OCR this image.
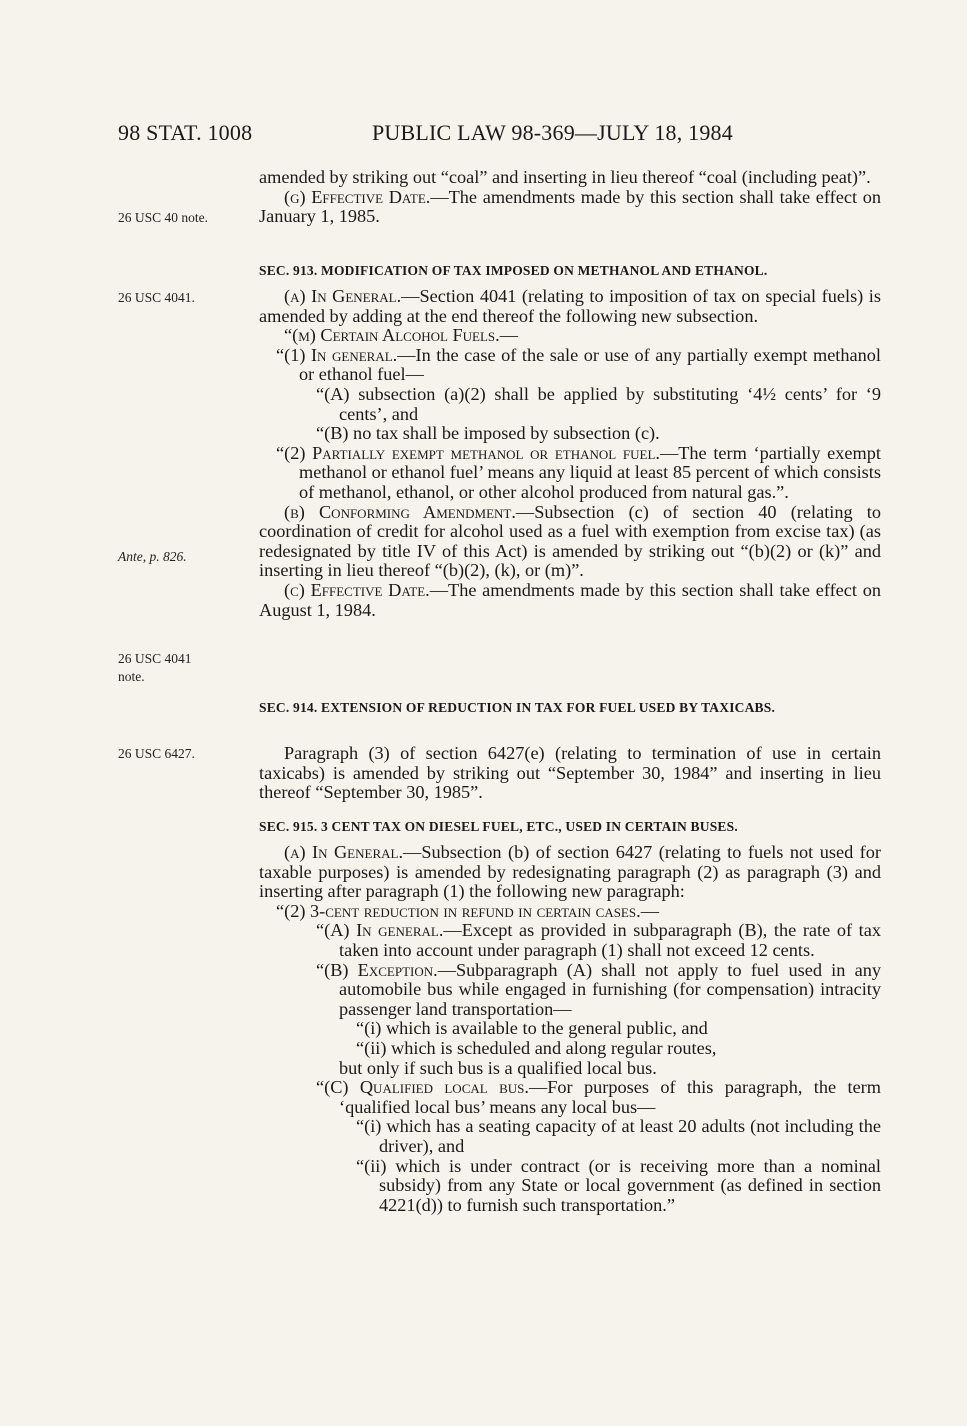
98 STAT. 1008	PUBLIC LAW 98-369—JULY 18, 1984
26 USC 40 note.
26 USC 4041.
Ante, p. 826.
26 USC 4041
note.
26 USC 6427.

amended by striking out “coal” and inserting in lieu thereof “coal (including peat)”.

(g) Effective Date.—The amendments made by this section shall take effect on January 1, 1985.

SEC. 913. MODIFICATION OF TAX IMPOSED ON METHANOL AND ETHANOL.

(a) In General.—Section 4041 (relating to imposition of tax on special fuels) is amended by adding at the end thereof the following new subsection.

“(m) Certain Alcohol Fuels.—

“(1) In general.—In the case of the sale or use of any partially exempt methanol or ethanol fuel—

“(A) subsection (a)(2) shall be applied by substituting ‘4½ cents’ for ‘9 cents’, and

“(B) no tax shall be imposed by subsection (c).

“(2) Partially exempt methanol or ethanol fuel.—The term ‘partially exempt methanol or ethanol fuel’ means any liquid at least 85 percent of which consists of methanol, ethanol, or other alcohol produced from natural gas.”.

(b) Conforming Amendment.—Subsection (c) of section 40 (relating to coordination of credit for alcohol used as a fuel with exemption from excise tax) (as redesignated by title IV of this Act) is amended by striking out “(b)(2) or (k)” and inserting in lieu thereof “(b)(2), (k), or (m)”.

(c) Effective Date.—The amendments made by this section shall take effect on August 1, 1984.

SEC. 914. EXTENSION OF REDUCTION IN TAX FOR FUEL USED BY TAXICABS.

Paragraph (3) of section 6427(e) (relating to termination of use in certain taxicabs) is amended by striking out “September 30, 1984” and inserting in lieu thereof “September 30, 1985”.

SEC. 915. 3 CENT TAX ON DIESEL FUEL, ETC., USED IN CERTAIN BUSES.

(a) In General.—Subsection (b) of section 6427 (relating to fuels not used for taxable purposes) is amended by redesignating paragraph (2) as paragraph (3) and inserting after paragraph (1) the following new paragraph:

“(2) 3-cent reduction in refund in certain cases.—

“(A) In general.—Except as provided in subparagraph (B), the rate of tax taken into account under paragraph (1) shall not exceed 12 cents.

“(B) Exception.—Subparagraph (A) shall not apply to fuel used in any automobile bus while engaged in furnishing (for compensation) intracity passenger land transportation—

“(i) which is available to the general public, and

“(ii) which is scheduled and along regular routes,

but only if such bus is a qualified local bus.

“(C) Qualified local bus.—For purposes of this paragraph, the term ‘qualified local bus’ means any local bus—

“(i) which has a seating capacity of at least 20 adults (not including the driver), and

“(ii) which is under contract (or is receiving more than a nominal subsidy) from any State or local government (as defined in section 4221(d)) to furnish such transportation.”
